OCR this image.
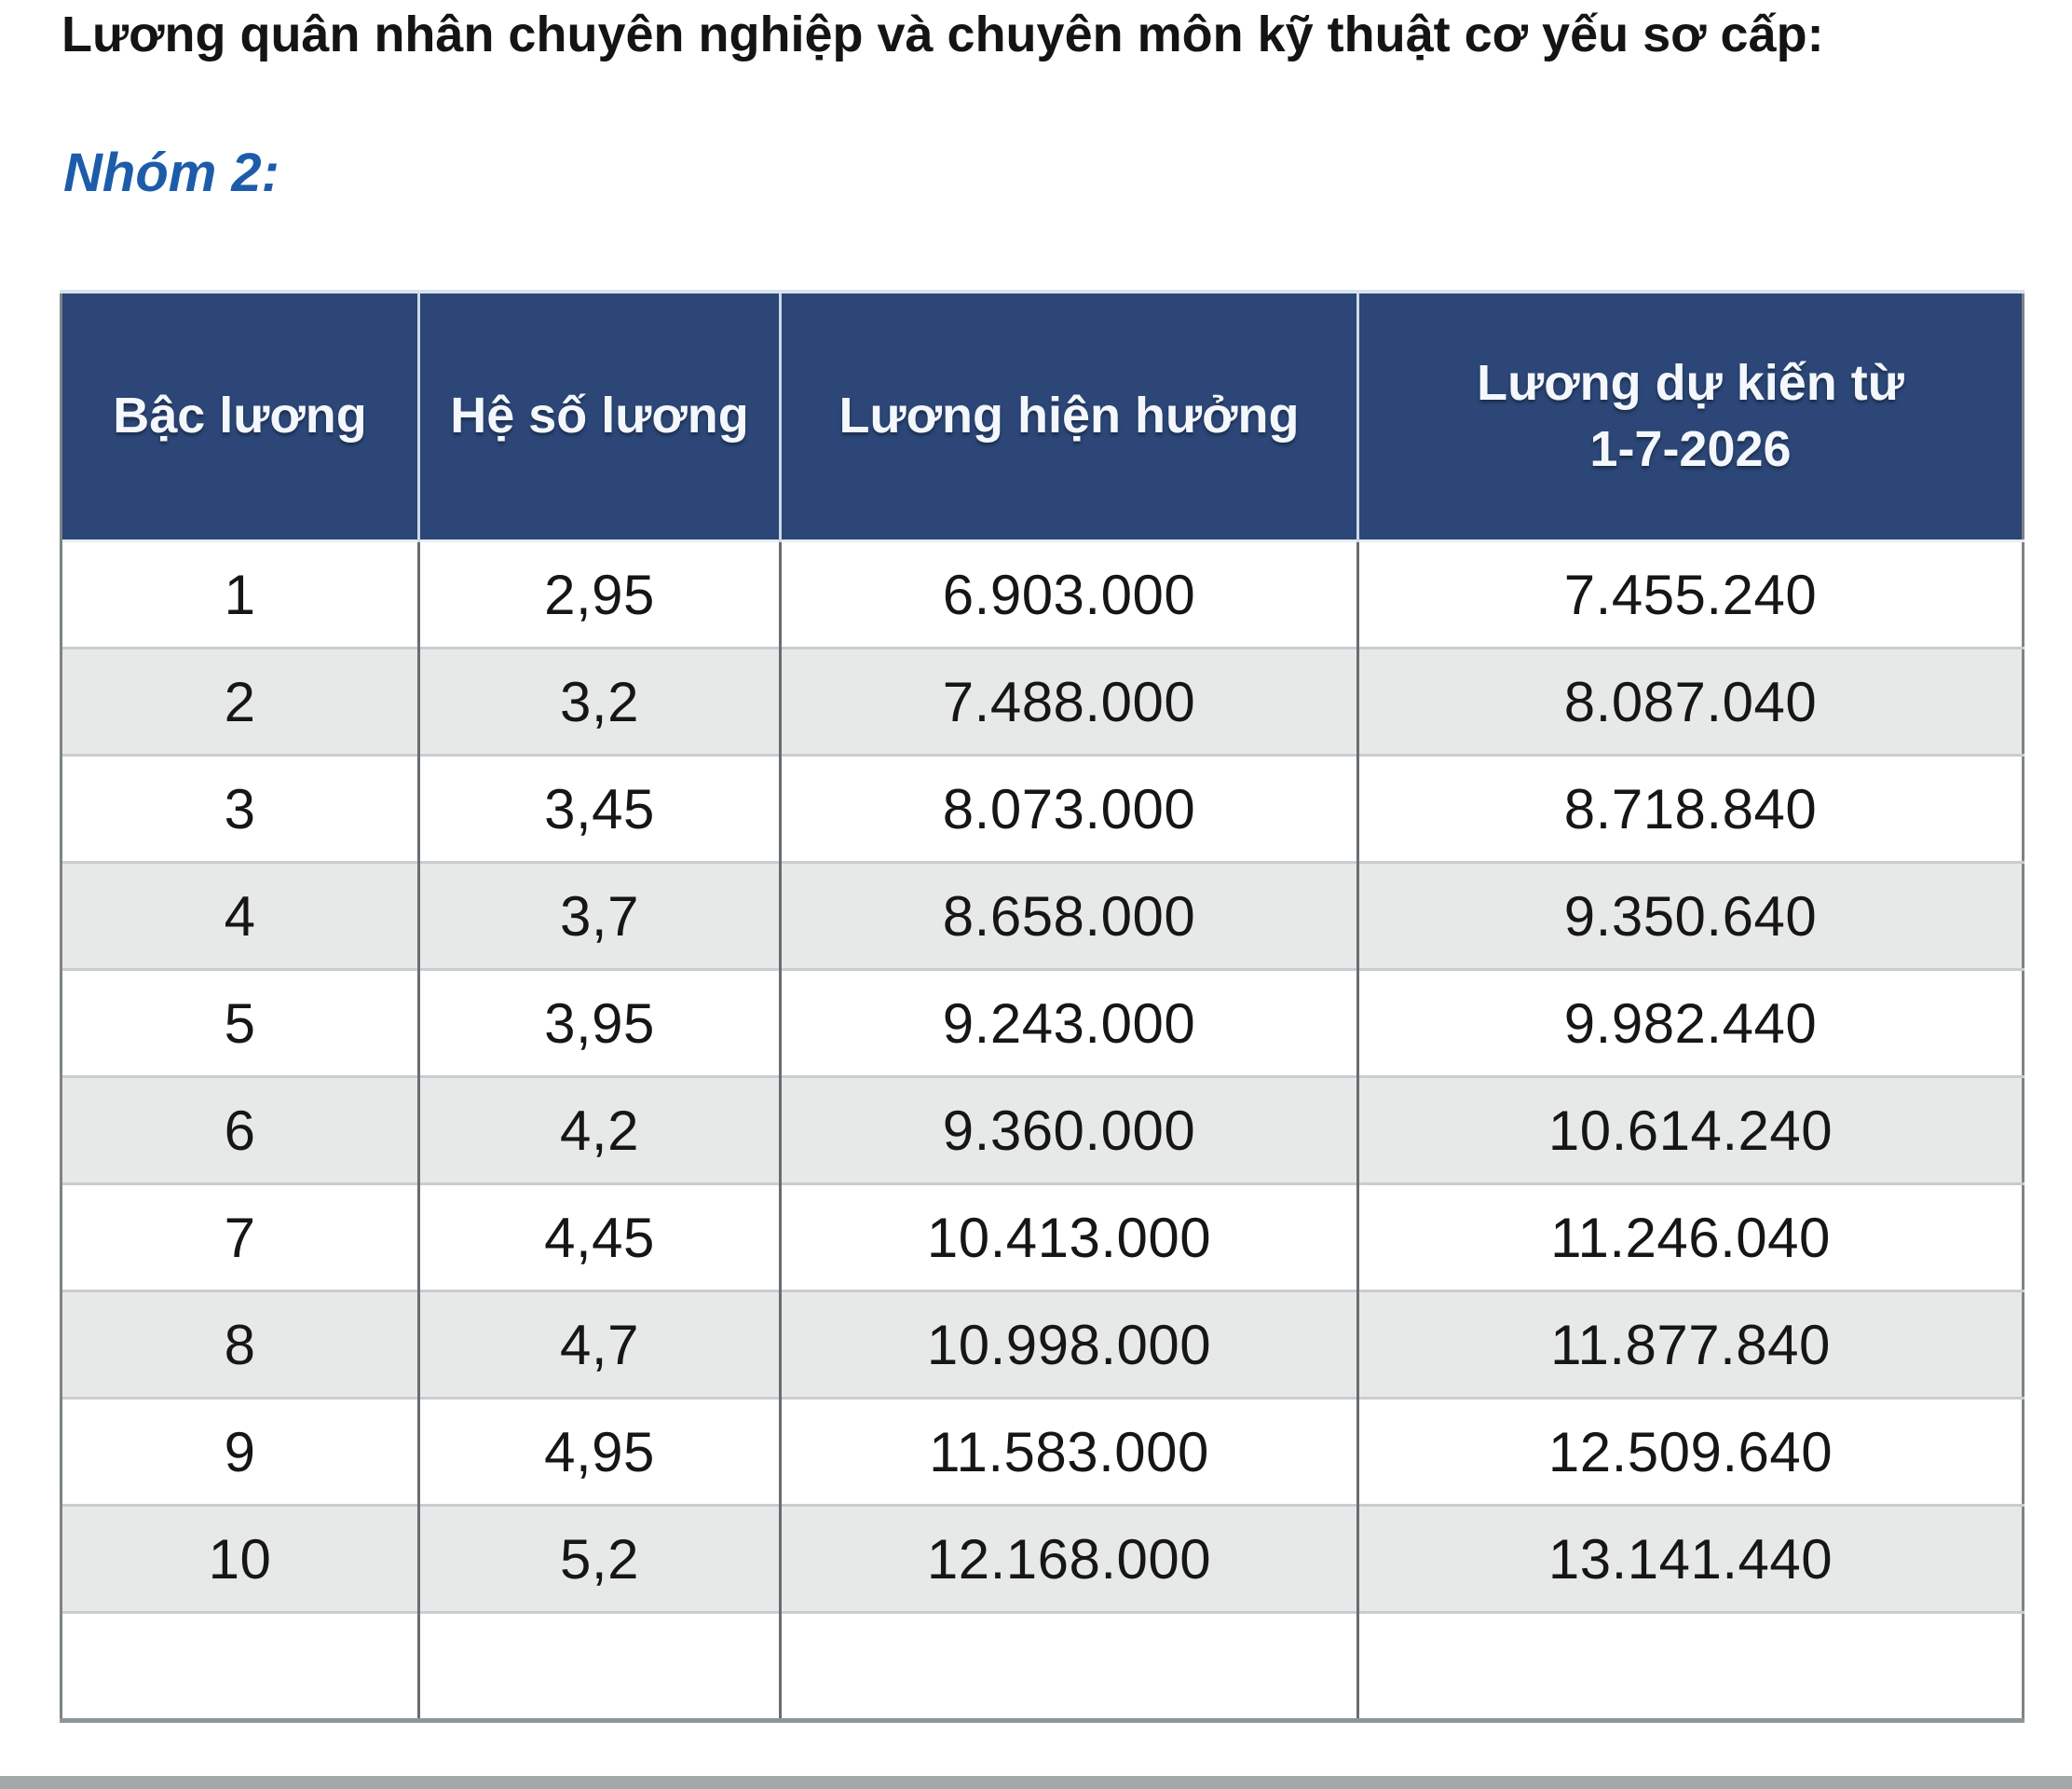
Lương quân nhân chuyên nghiệp và chuyên môn kỹ thuật cơ yếu sơ cấp:
Nhóm 2:
Bậc lương	Hệ số lương	Lương hiện hưởng	Lương dự kiến từ
1-7-2026

1	2,95	6.903.000	7.455.240
2	3,2	7.488.000	8.087.040
3	3,45	8.073.000	8.718.840
4	3,7	8.658.000	9.350.640
5	3,95	9.243.000	9.982.440
6	4,2	9.360.000	10.614.240
7	4,45	10.413.000	11.246.040
8	4,7	10.998.000	11.877.840
9	4,95	11.583.000	12.509.640
10	5,2	12.168.000	13.141.440
